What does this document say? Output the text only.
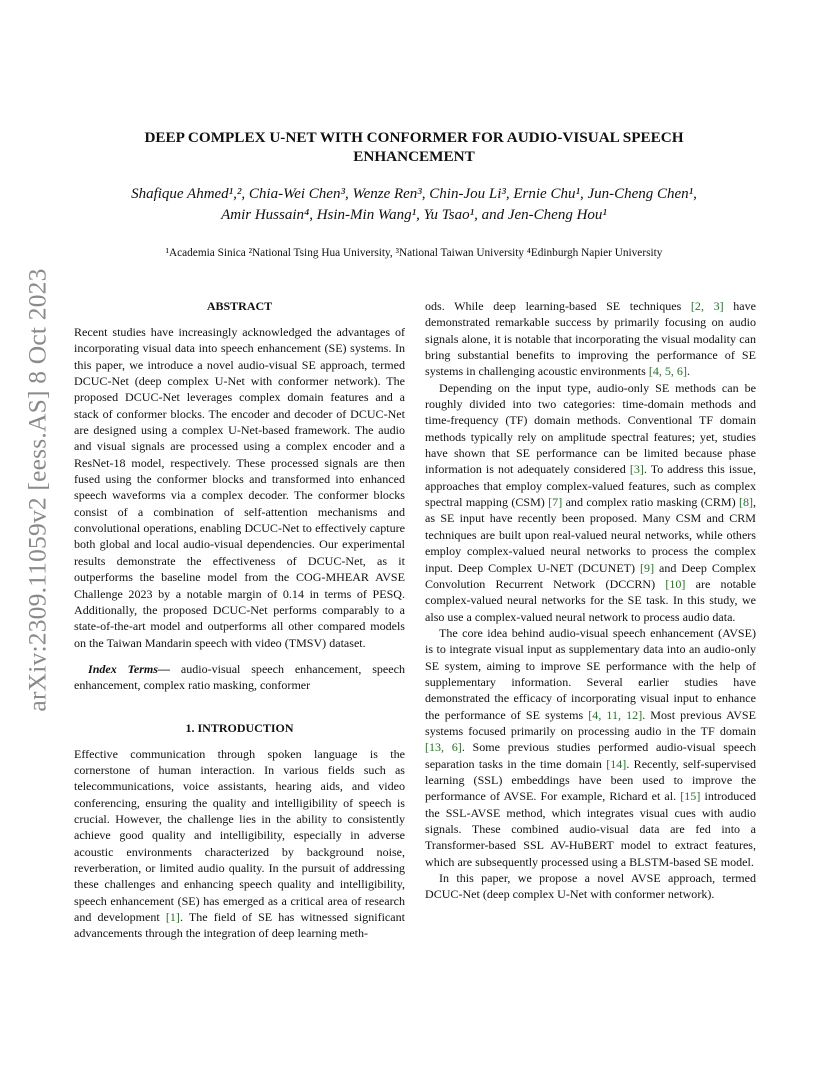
arXiv:2309.11059v2 [eess.AS] 8 Oct 2023
DEEP COMPLEX U-NET WITH CONFORMER FOR AUDIO-VISUAL SPEECH
ENHANCEMENT
Shafique Ahmed¹,², Chia-Wei Chen³, Wenze Ren³, Chin-Jou Li³, Ernie Chu¹, Jun-Cheng Chen¹,
Amir Hussain⁴, Hsin-Min Wang¹, Yu Tsao¹, and Jen-Cheng Hou¹
¹Academia Sinica ²National Tsing Hua University, ³National Taiwan University ⁴Edinburgh Napier University
ABSTRACT

Recent studies have increasingly acknowledged the advantages of incorporating visual data into speech enhancement (SE) systems. In this paper, we introduce a novel audio-visual SE approach, termed DCUC-Net (deep complex U-Net with conformer network). The proposed DCUC-Net leverages complex domain features and a stack of conformer blocks. The encoder and decoder of DCUC-Net are designed using a complex U-Net-based framework. The audio and visual signals are processed using a complex encoder and a ResNet-18 model, respectively. These processed signals are then fused using the conformer blocks and transformed into enhanced speech waveforms via a complex decoder. The conformer blocks consist of a combination of self-attention mechanisms and convolutional operations, enabling DCUC-Net to effectively capture both global and local audio-visual dependencies. Our experimental results demonstrate the effectiveness of DCUC-Net, as it outperforms the baseline model from the COG-MHEAR AVSE Challenge 2023 by a notable margin of 0.14 in terms of PESQ. Additionally, the proposed DCUC-Net performs comparably to a state-of-the-art model and outperforms all other compared models on the Taiwan Mandarin speech with video (TMSV) dataset.

Index Terms— audio-visual speech enhancement, speech enhancement, complex ratio masking, conformer

1. INTRODUCTION

Effective communication through spoken language is the cornerstone of human interaction. In various fields such as telecommunications, voice assistants, hearing aids, and video conferencing, ensuring the quality and intelligibility of speech is crucial. However, the challenge lies in the ability to consistently achieve good quality and intelligibility, especially in adverse acoustic environments characterized by background noise, reverberation, or limited audio quality. In the pursuit of addressing these challenges and enhancing speech quality and intelligibility, speech enhancement (SE) has emerged as a critical area of research and development [1]. The field of SE has witnessed significant advancements through the integration of deep learning meth-

ods. While deep learning-based SE techniques [2, 3] have demonstrated remarkable success by primarily focusing on audio signals alone, it is notable that incorporating the visual modality can bring substantial benefits to improving the performance of SE systems in challenging acoustic environments [4, 5, 6].

Depending on the input type, audio-only SE methods can be roughly divided into two categories: time-domain methods and time-frequency (TF) domain methods. Conventional TF domain methods typically rely on amplitude spectral features; yet, studies have shown that SE performance can be limited because phase information is not adequately considered [3]. To address this issue, approaches that employ complex-valued features, such as complex spectral mapping (CSM) [7] and complex ratio masking (CRM) [8], as SE input have recently been proposed. Many CSM and CRM techniques are built upon real-valued neural networks, while others employ complex-valued neural networks to process the complex input. Deep Complex U-NET (DCUNET) [9] and Deep Complex Convolution Recurrent Network (DCCRN) [10] are notable complex-valued neural networks for the SE task. In this study, we also use a complex-valued neural network to process audio data.

The core idea behind audio-visual speech enhancement (AVSE) is to integrate visual input as supplementary data into an audio-only SE system, aiming to improve SE performance with the help of supplementary information. Several earlier studies have demonstrated the efficacy of incorporating visual input to enhance the performance of SE systems [4, 11, 12]. Most previous AVSE systems focused primarily on processing audio in the TF domain [13, 6]. Some previous studies performed audio-visual speech separation tasks in the time domain [14]. Recently, self-supervised learning (SSL) embeddings have been used to improve the performance of AVSE. For example, Richard et al. [15] introduced the SSL-AVSE method, which integrates visual cues with audio signals. These combined audio-visual data are fed into a Transformer-based SSL AV-HuBERT model to extract features, which are subsequently processed using a BLSTM-based SE model.

In this paper, we propose a novel AVSE approach, termed DCUC-Net (deep complex U-Net with conformer network).
